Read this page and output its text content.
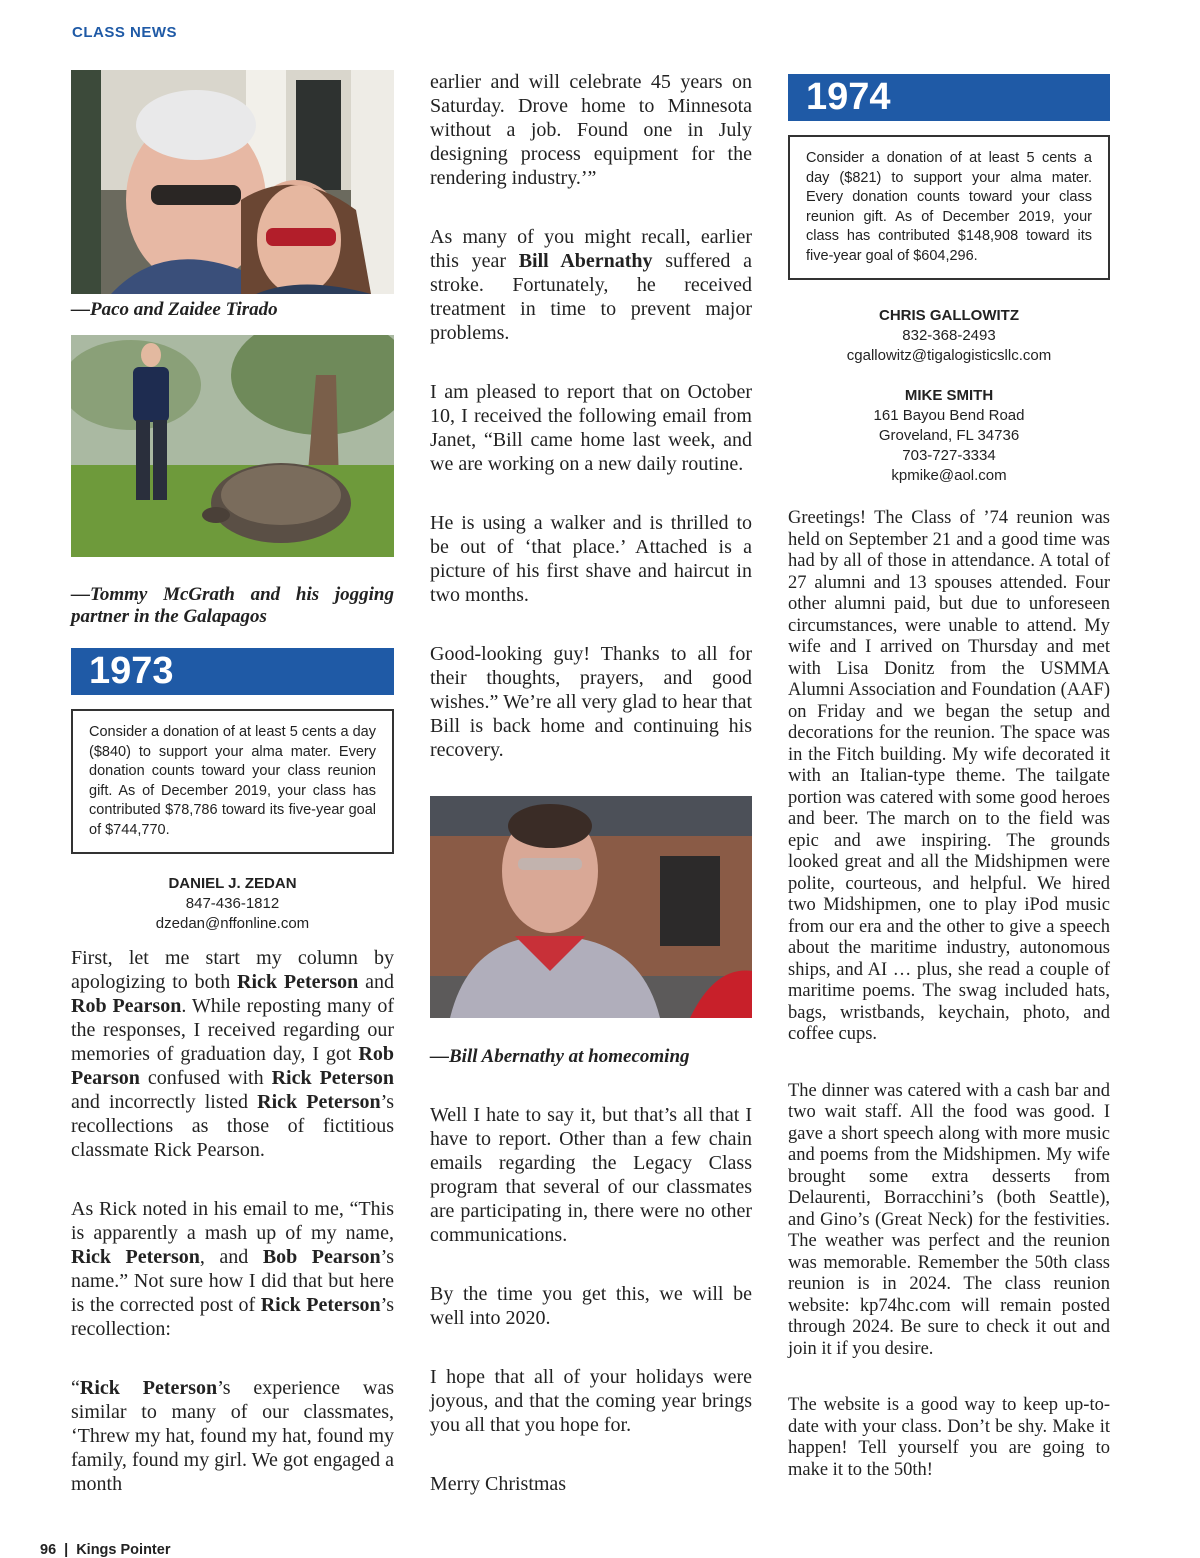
CLASS NEWS
—Paco and Zaidee Tirado
—Tommy McGrath and his jogging partner in the Galapagos
1973
Consider a donation of at least 5 cents a day ($840) to support your alma mater. Every donation counts toward your class reunion gift. As of December 2019, your class has contributed $78,786 toward its five-year goal of $744,770.
DANIEL J. ZEDAN
847-436-1812
dzedan@nffonline.com

First, let me start my column by apologizing to both Rick Peterson and Rob Pearson. While reposting many of the responses, I received regarding our memories of graduation day, I got Rob Pearson confused with Rick Peterson and incorrectly listed Rick Peterson’s recollections as those of fictitious classmate Rick Pearson.

As Rick noted in his email to me, “This is apparently a mash up of my name, Rick Peterson, and Bob Pearson’s name.” Not sure how I did that but here is the corrected post of Rick Peterson’s recollection:

“Rick Peterson’s experience was similar to many of our classmates, ‘Threw my hat, found my hat, found my family, found my girl. We got engaged a month

earlier and will celebrate 45 years on Saturday. Drove home to Minnesota without a job. Found one in July designing process equipment for the rendering industry.’”

As many of you might recall, earlier this year Bill Abernathy suffered a stroke. Fortunately, he received treatment in time to prevent major problems.

I am pleased to report that on October 10, I received the following email from Janet, “Bill came home last week, and we are working on a new daily routine.

He is using a walker and is thrilled to be out of ‘that place.’ Attached is a picture of his first shave and haircut in two months.

Good-looking guy! Thanks to all for their thoughts, prayers, and good wishes.” We’re all very glad to hear that Bill is back home and continuing his recovery.

—Bill Abernathy at homecoming

Well I hate to say it, but that’s all that I have to report. Other than a few chain emails regarding the Legacy Class program that several of our classmates are participating in, there were no other communications.

By the time you get this, we will be well into 2020.

I hope that all of your holidays were joyous, and that the coming year brings you all that you hope for.

Merry Christmas

1974
Consider a donation of at least 5 cents a day ($821) to support your alma mater. Every donation counts toward your class reunion gift. As of December 2019, your class has contributed $148,908 toward its five-year goal of $604,296.
CHRIS GALLOWITZ
832-368-2493
cgallowitz@tigalogisticsllc.com
MIKE SMITH
161 Bayou Bend Road
Groveland, FL 34736
703-727-3334
kpmike@aol.com

Greetings! The Class of ’74 reunion was held on September 21 and a good time was had by all of those in attendance. A total of 27 alumni and 13 spouses attended. Four other alumni paid, but due to unforeseen circumstances, were unable to attend. My wife and I arrived on Thursday and met with Lisa Donitz from the USMMA Alumni Association and Foundation (AAF) on Friday and we began the setup and decorations for the reunion. The space was in the Fitch building. My wife decorated it with an Italian-type theme. The tailgate portion was catered with some good heroes and beer. The march on to the field was epic and awe inspiring. The grounds looked great and all the Midshipmen were polite, courteous, and helpful. We hired two Midshipmen, one to play iPod music from our era and the other to give a speech about the maritime industry, autonomous ships, and AI … plus, she read a couple of maritime poems. The swag included hats, bags, wristbands, keychain, photo, and coffee cups.

The dinner was catered with a cash bar and two wait staff. All the food was good. I gave a short speech along with more music and poems from the Midshipmen. My wife brought some extra desserts from Delaurenti, Borracchini’s (both Seattle), and Gino’s (Great Neck) for the festivities. The weather was perfect and the reunion was memorable. Remember the 50th class reunion is in 2024. The class reunion website: kp74hc.com will remain posted through 2024. Be sure to check it out and join it if you desire.

The website is a good way to keep up-to-date with your class. Don’t be shy. Make it happen! Tell yourself you are going to make it to the 50th!

96 | Kings Pointer
